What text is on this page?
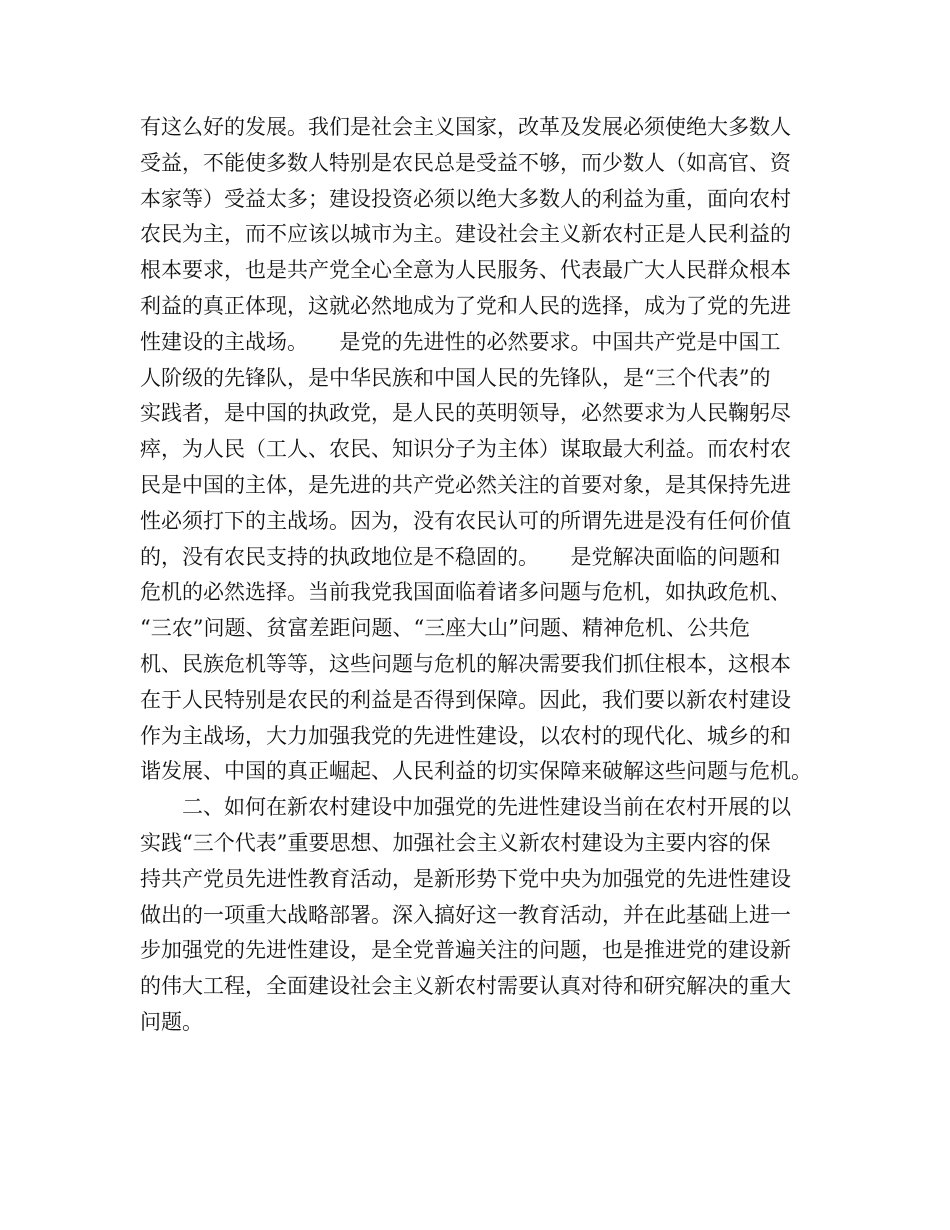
有这么好的发展。我们是社会主义国家，改革及发展必须使绝大多数人
受益，不能使多数人特别是农民总是受益不够，而少数人（如高官、资
本家等）受益太多；建设投资必须以绝大多数人的利益为重，面向农村
农民为主，而不应该以城市为主。建设社会主义新农村正是人民利益的
根本要求，也是共产党全心全意为人民服务、代表最广大人民群众根本
利益的真正体现，这就必然地成为了党和人民的选择，成为了党的先进
性建设的主战场。　　是党的先进性的必然要求。中国共产党是中国工
人阶级的先锋队，是中华民族和中国人民的先锋队，是“三个代表”的
实践者，是中国的执政党，是人民的英明领导，必然要求为人民鞠躬尽
瘁，为人民（工人、农民、知识分子为主体）谋取最大利益。而农村农
民是中国的主体，是先进的共产党必然关注的首要对象，是其保持先进
性必须打下的主战场。因为，没有农民认可的所谓先进是没有任何价值
的，没有农民支持的执政地位是不稳固的。　　是党解决面临的问题和
危机的必然选择。当前我党我国面临着诸多问题与危机，如执政危机、
“三农”问题、贫富差距问题、“三座大山”问题、精神危机、公共危
机、民族危机等等，这些问题与危机的解决需要我们抓住根本，这根本
在于人民特别是农民的利益是否得到保障。因此，我们要以新农村建设
作为主战场，大力加强我党的先进性建设，以农村的现代化、城乡的和
谐发展、中国的真正崛起、人民利益的切实保障来破解这些问题与危机。
　　二、如何在新农村建设中加强党的先进性建设当前在农村开展的以
实践“三个代表”重要思想、加强社会主义新农村建设为主要内容的保
持共产党员先进性教育活动，是新形势下党中央为加强党的先进性建设
做出的一项重大战略部署。深入搞好这一教育活动，并在此基础上进一
步加强党的先进性建设，是全党普遍关注的问题，也是推进党的建设新
的伟大工程，全面建设社会主义新农村需要认真对待和研究解决的重大
问题。
